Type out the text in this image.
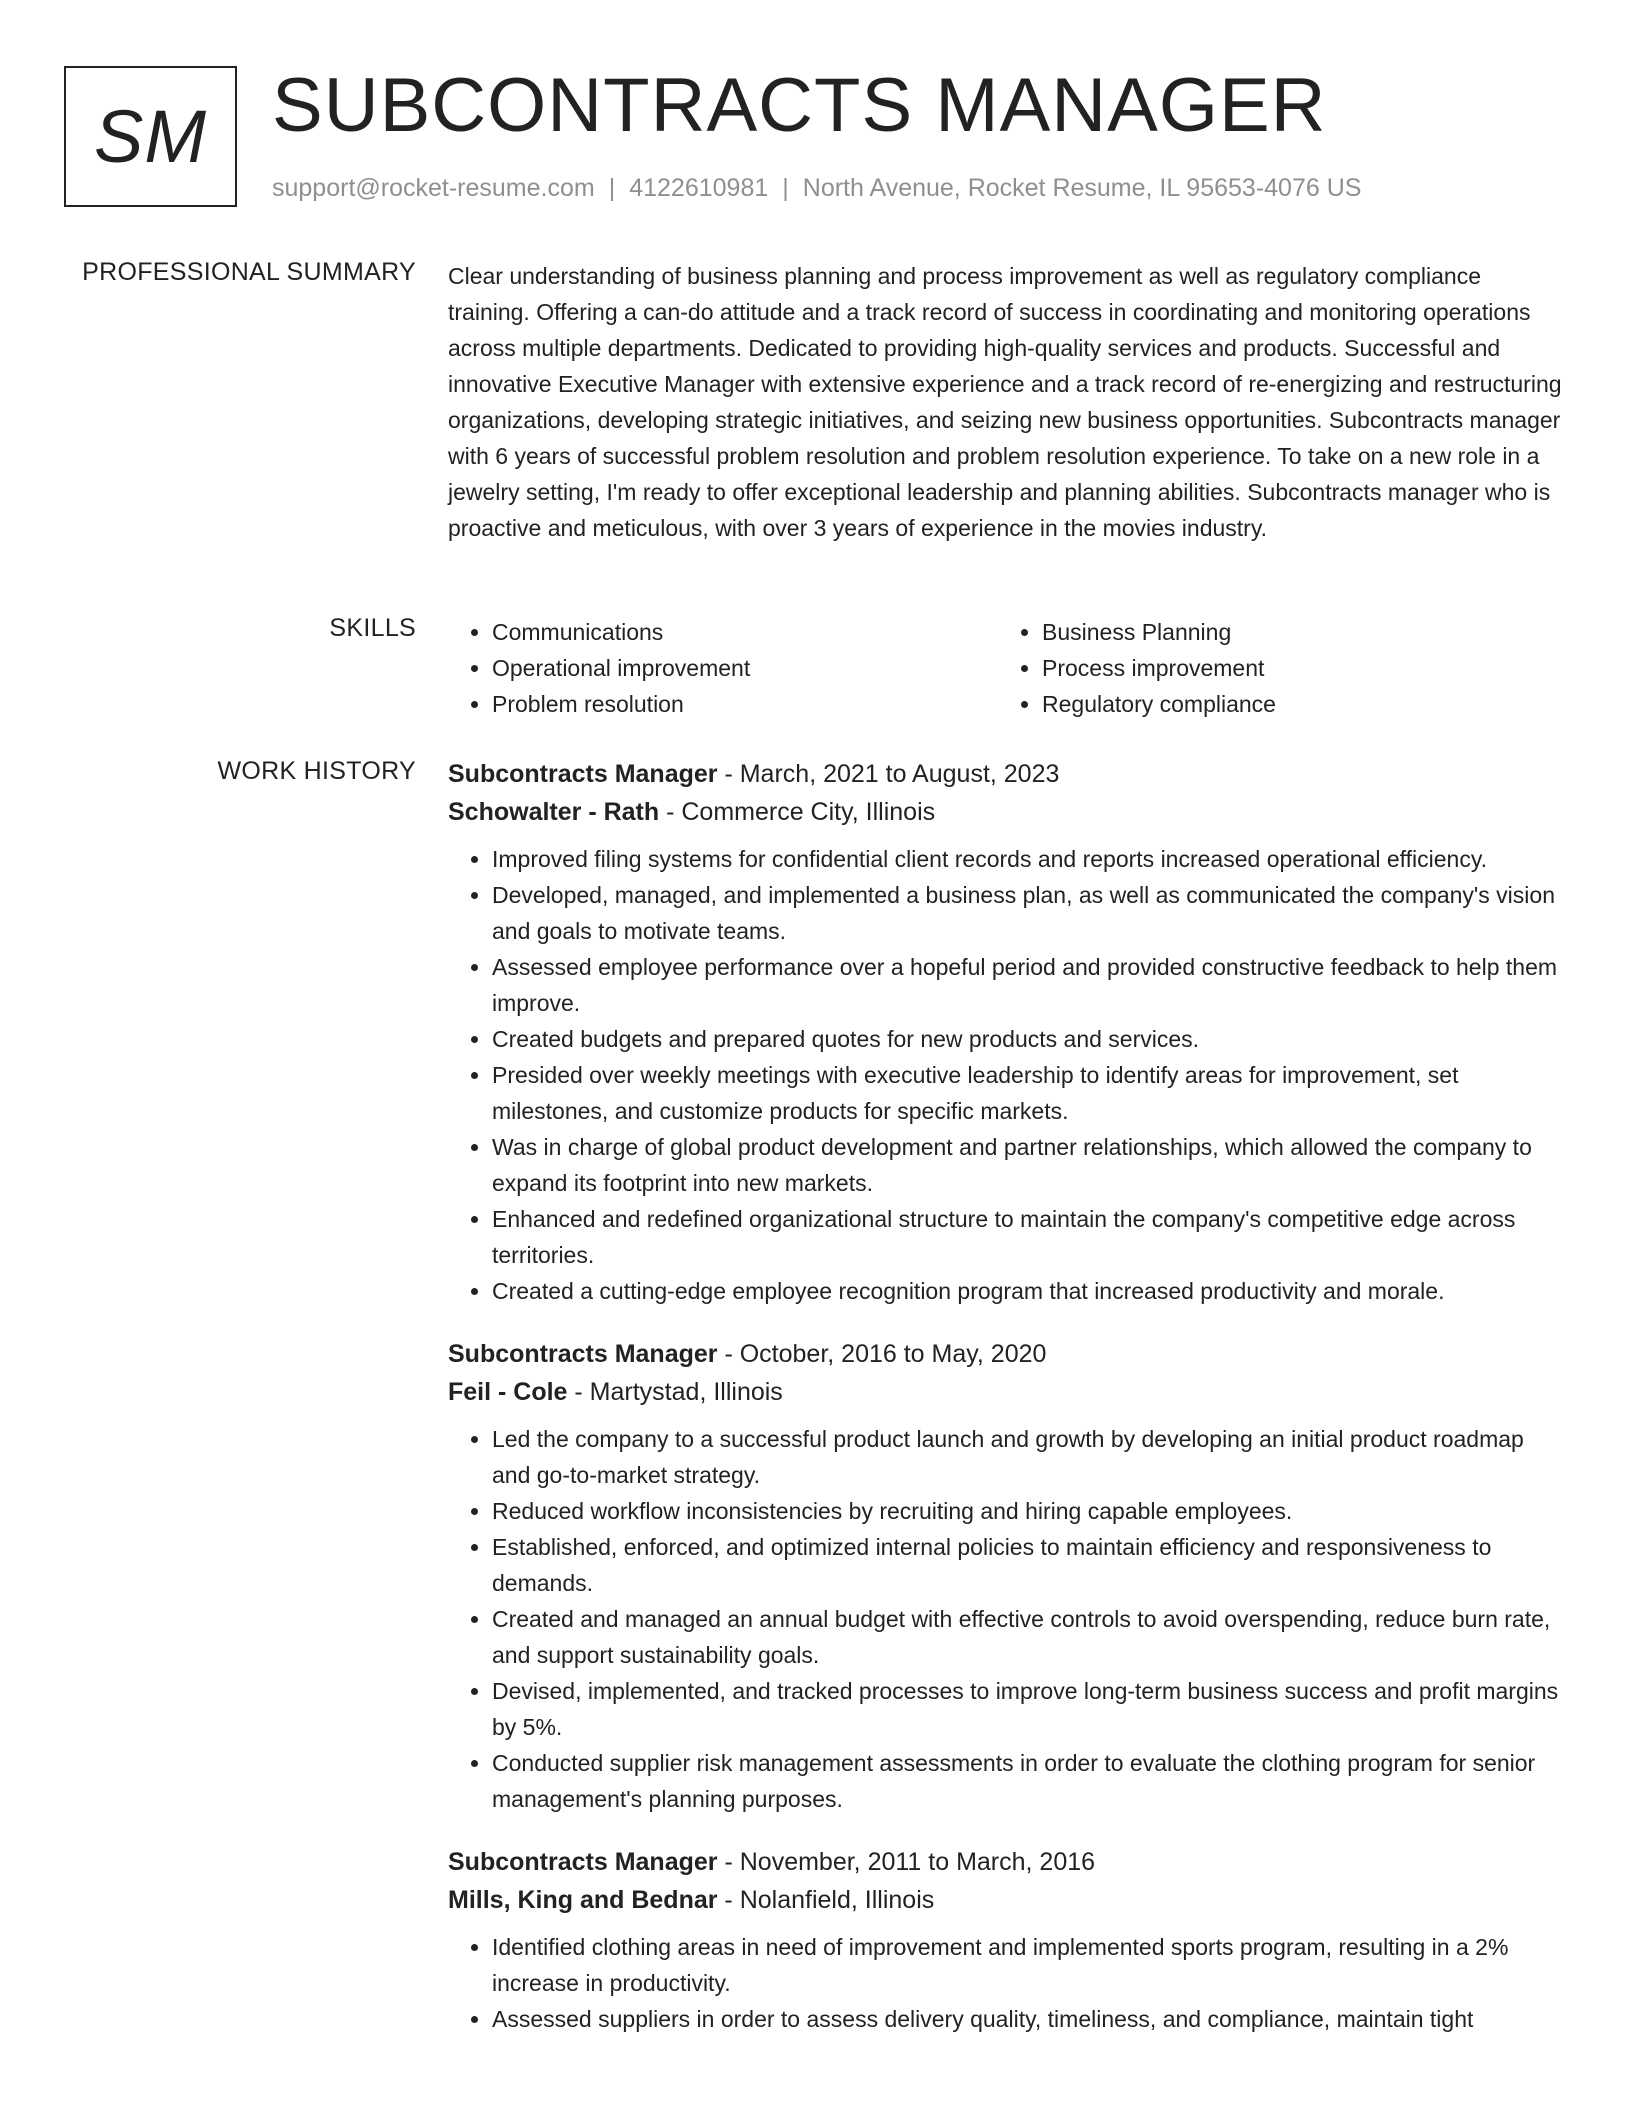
SM SUBCONTRACTS MANAGER
support@rocket-resume.com | 4122610981 | North Avenue, Rocket Resume, IL 95653-4076 US
PROFESSIONAL SUMMARY Clear understanding of business planning and process improvement as well as regulatory compliance training. Offering a can-do attitude and a track record of success in coordinating and monitoring operations across multiple departments. Dedicated to providing high-quality services and products. Successful and innovative Executive Manager with extensive experience and a track record of re-energizing and restructuring organizations, developing strategic initiatives, and seizing new business opportunities. Subcontracts manager with 6 years of successful problem resolution and problem resolution experience. To take on a new role in a jewelry setting, I'm ready to offer exceptional leadership and planning abilities. Subcontracts manager who is proactive and meticulous, with over 3 years of experience in the movies industry.

SKILLS	• Communications	• Business Planning
• Operational improvement	• Process improvement
• Problem resolution	• Regulatory compliance
WORK HISTORY Subcontracts Manager - March, 2021 to August, 2023
Schowalter - Rath - Commerce City, Illinois
• Improved filing systems for confidential client records and reports increased operational efficiency.
• Developed, managed, and implemented a business plan, as well as communicated the company's vision and goals to motivate teams.
• Assessed employee performance over a hopeful period and provided constructive feedback to help them improve.
• Created budgets and prepared quotes for new products and services.
• Presided over weekly meetings with executive leadership to identify areas for improvement, set milestones, and customize products for specific markets.
• Was in charge of global product development and partner relationships, which allowed the company to expand its footprint into new markets.
• Enhanced and redefined organizational structure to maintain the company's competitive edge across territories.
• Created a cutting-edge employee recognition program that increased productivity and morale.
Subcontracts Manager - October, 2016 to May, 2020
Feil - Cole - Martystad, Illinois
• Led the company to a successful product launch and growth by developing an initial product roadmap and go-to-market strategy.
• Reduced workflow inconsistencies by recruiting and hiring capable employees.
• Established, enforced, and optimized internal policies to maintain efficiency and responsiveness to demands.
• Created and managed an annual budget with effective controls to avoid overspending, reduce burn rate, and support sustainability goals.
• Devised, implemented, and tracked processes to improve long-term business success and profit margins by 5%.
• Conducted supplier risk management assessments in order to evaluate the clothing program for senior management's planning purposes.
Subcontracts Manager - November, 2011 to March, 2016
Mills, King and Bednar - Nolanfield, Illinois
• Identified clothing areas in need of improvement and implemented sports program, resulting in a 2% increase in productivity.
• Assessed suppliers in order to assess delivery quality, timeliness, and compliance, maintain tight
